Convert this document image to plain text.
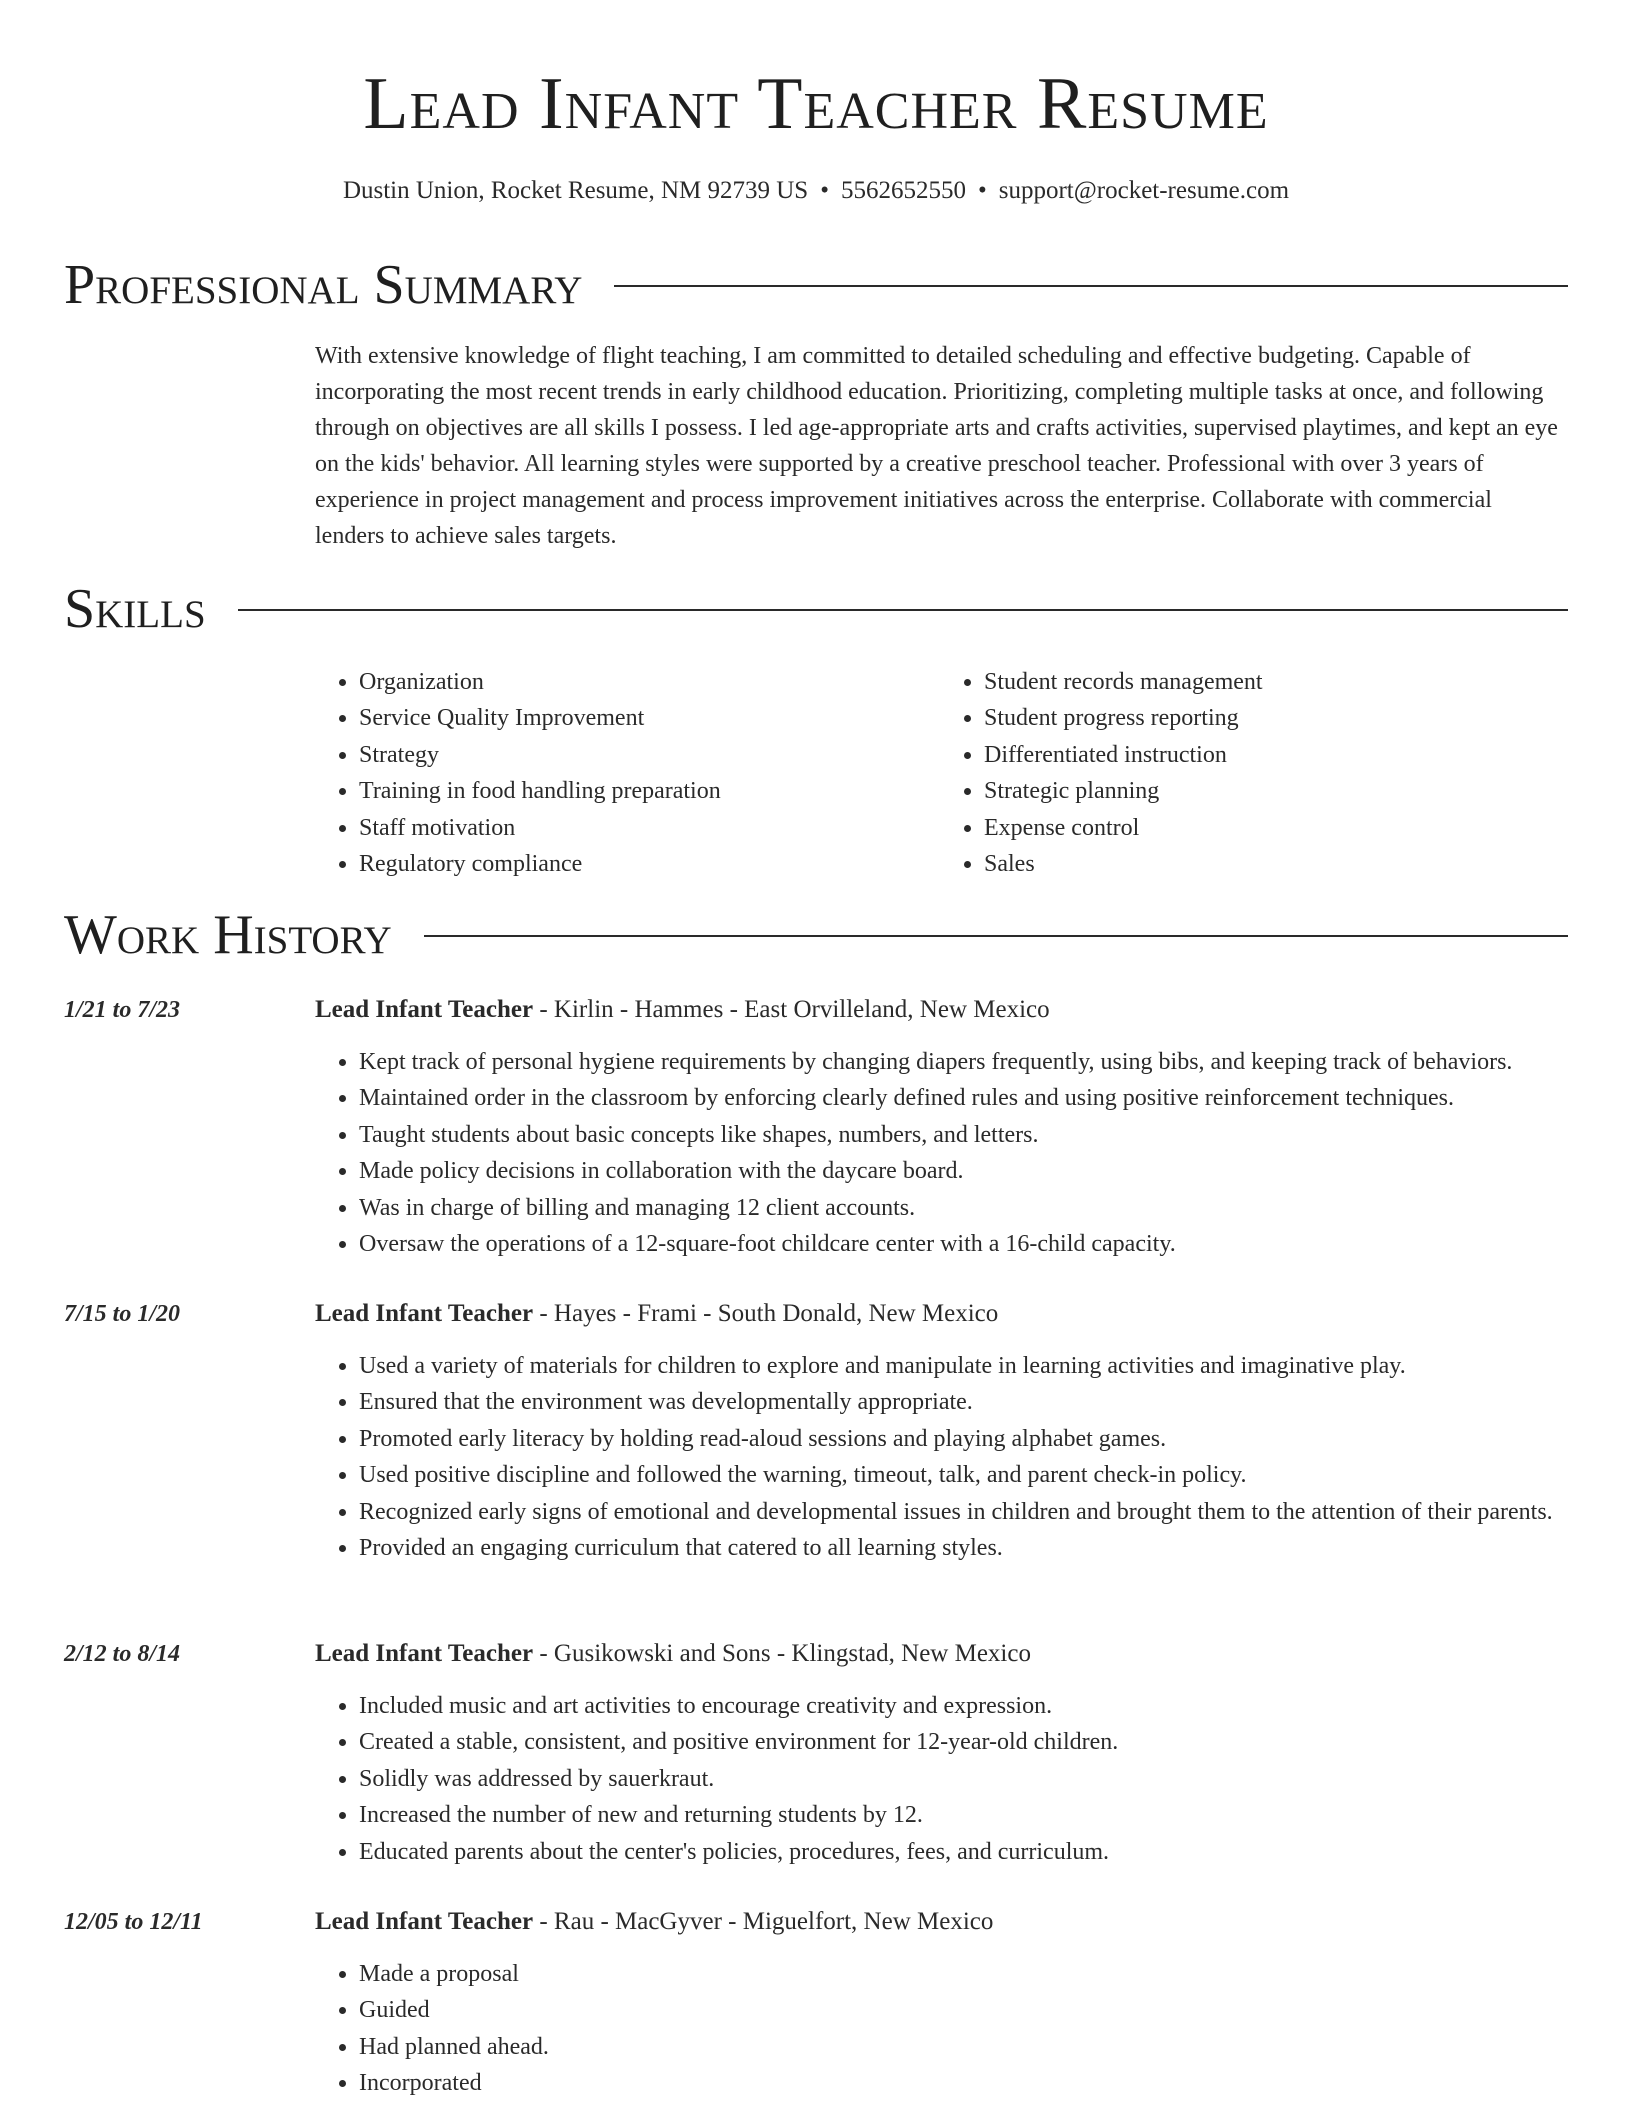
Lead Infant Teacher Resume
Dustin Union, Rocket Resume, NM 92739 US • 5562652550 • support@rocket-resume.com
Professional Summary

With extensive knowledge of flight teaching, I am committed to detailed scheduling and effective budgeting. Capable of incorporating the most recent trends in early childhood education. Prioritizing, completing multiple tasks at once, and following through on objectives are all skills I possess. I led age-appropriate arts and crafts activities, supervised playtimes, and kept an eye on the kids' behavior. All learning styles were supported by a creative preschool teacher. Professional with over 3 years of experience in project management and process improvement initiatives across the enterprise. Collaborate with commercial lenders to achieve sales targets.

Skills
• Organization
• Service Quality Improvement
• Strategy
• Training in food handling preparation
• Staff motivation
• Regulatory compliance
• Student records management
• Student progress reporting
• Differentiated instruction
• Strategic planning
• Expense control
• Sales
Work History
1/21 to 7/23	Lead Infant Teacher - Kirlin - Hammes - East Orvilleland, New Mexico
• Kept track of personal hygiene requirements by changing diapers frequently, using bibs, and keeping track of behaviors.
• Maintained order in the classroom by enforcing clearly defined rules and using positive reinforcement techniques.
• Taught students about basic concepts like shapes, numbers, and letters.
• Made policy decisions in collaboration with the daycare board.
• Was in charge of billing and managing 12 client accounts.
• Oversaw the operations of a 12-square-foot childcare center with a 16-child capacity.
7/15 to 1/20	Lead Infant Teacher - Hayes - Frami - South Donald, New Mexico
• Used a variety of materials for children to explore and manipulate in learning activities and imaginative play.
• Ensured that the environment was developmentally appropriate.
• Promoted early literacy by holding read-aloud sessions and playing alphabet games.
• Used positive discipline and followed the warning, timeout, talk, and parent check-in policy.
• Recognized early signs of emotional and developmental issues in children and brought them to the attention of their parents.
• Provided an engaging curriculum that catered to all learning styles.
2/12 to 8/14	Lead Infant Teacher - Gusikowski and Sons - Klingstad, New Mexico
• Included music and art activities to encourage creativity and expression.
• Created a stable, consistent, and positive environment for 12-year-old children.
• Solidly was addressed by sauerkraut.
• Increased the number of new and returning students by 12.
• Educated parents about the center's policies, procedures, fees, and curriculum.
12/05 to 12/11	Lead Infant Teacher - Rau - MacGyver - Miguelfort, New Mexico
• Made a proposal
• Guided
• Had planned ahead.
• Incorporated
